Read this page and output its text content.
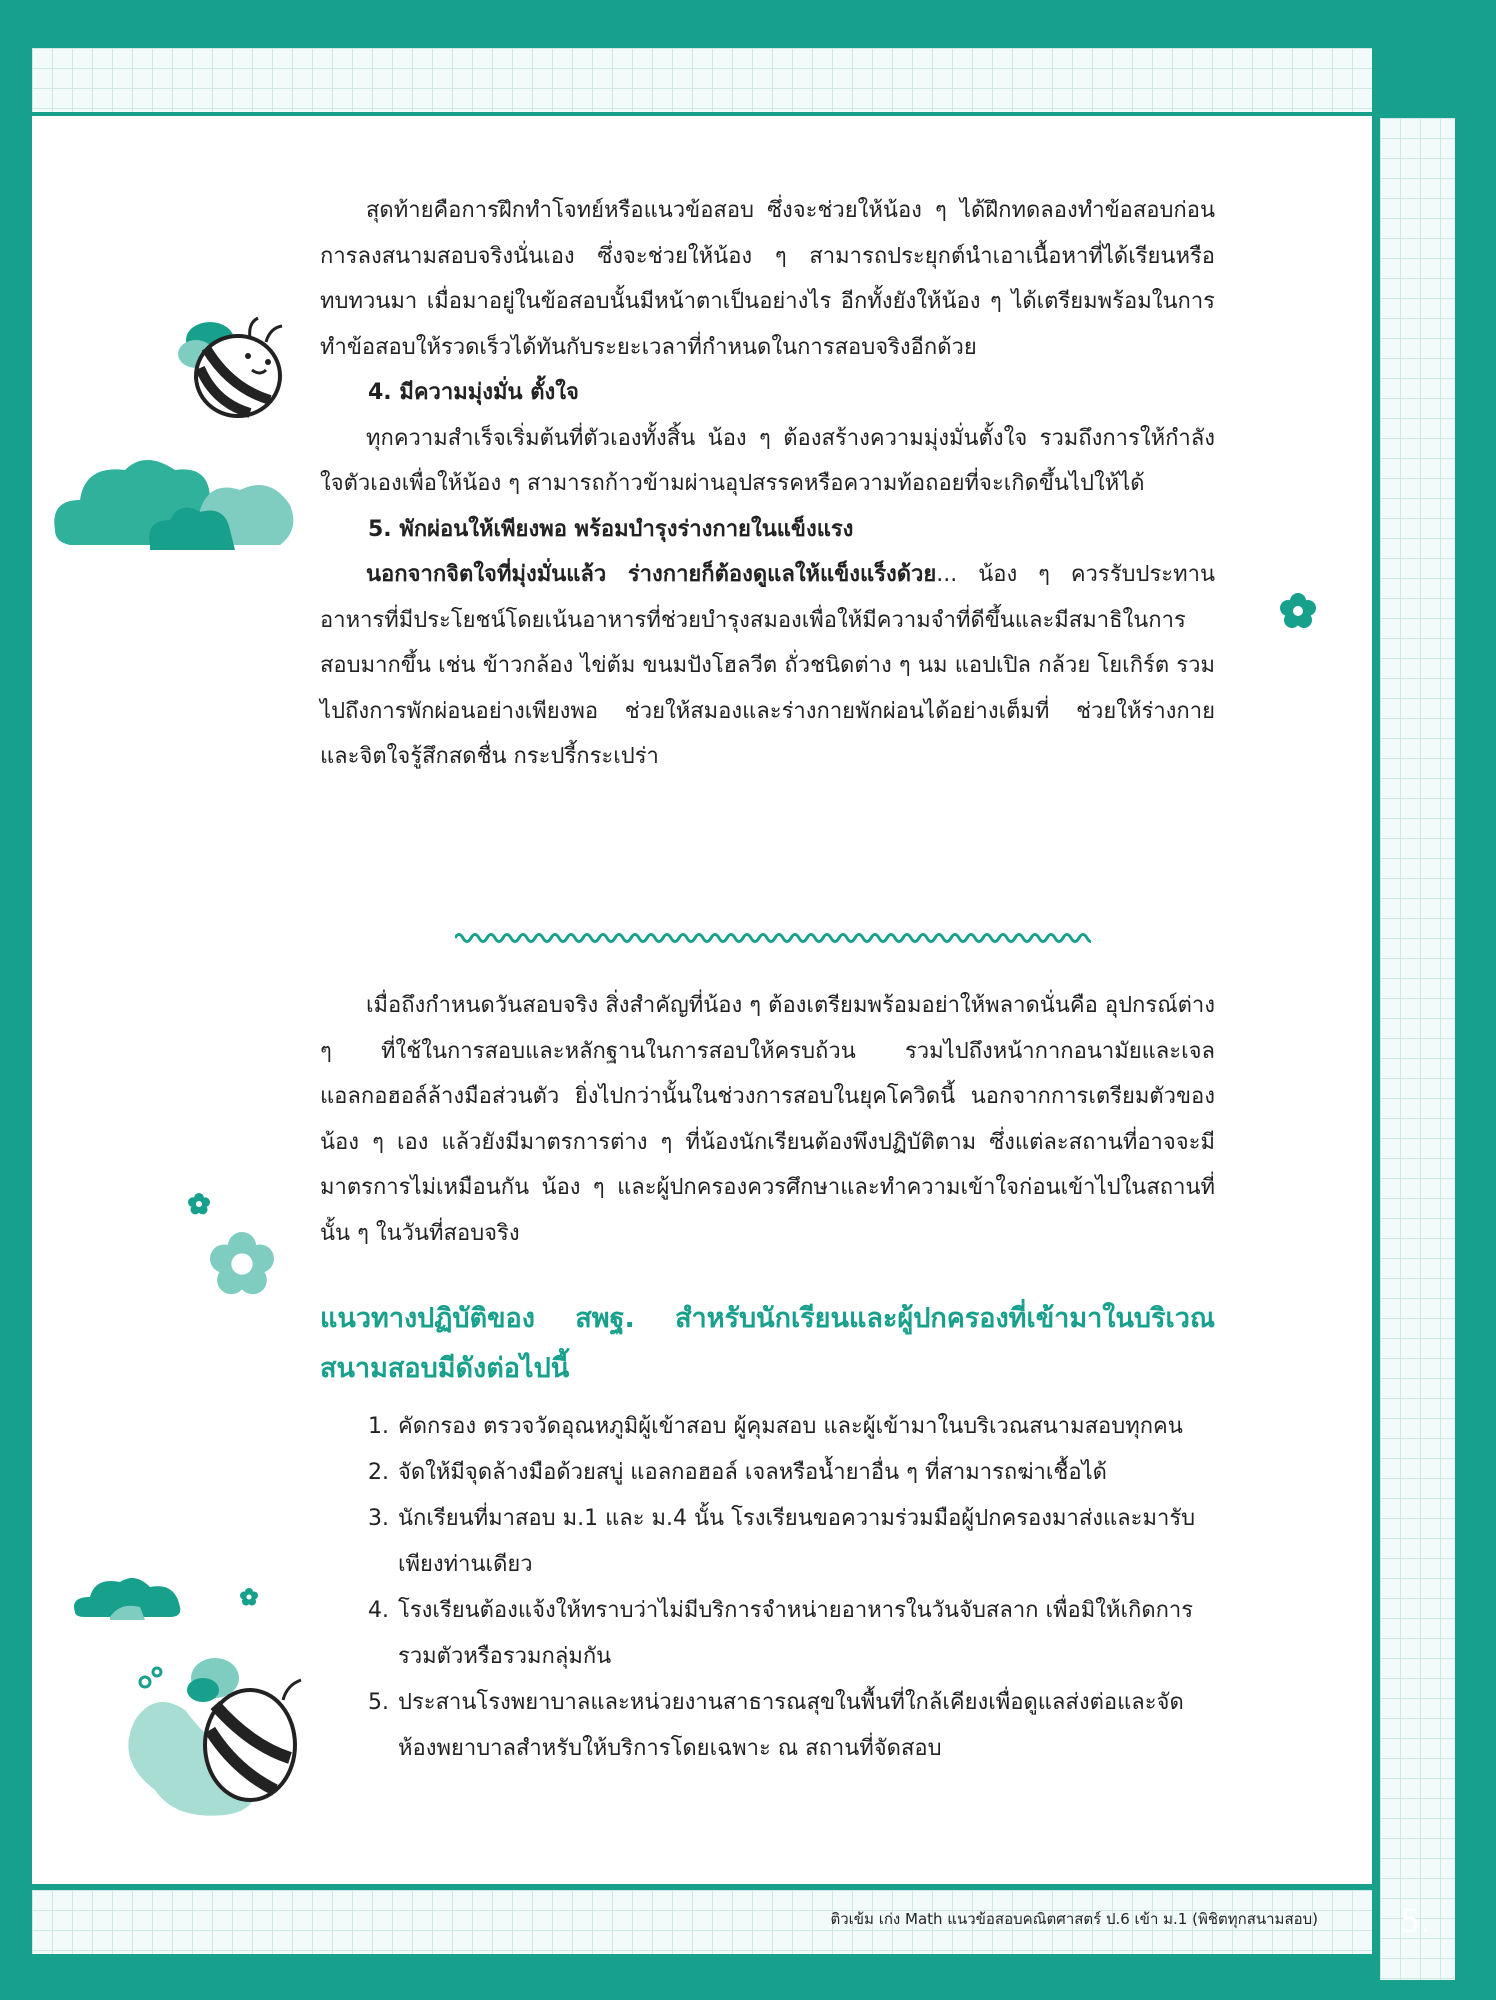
สุดท้ายคือการฝึกทำโจทย์หรือแนวข้อสอบ ซึ่งจะช่วยให้น้อง ๆ ได้ฝึกทดลองทำข้อสอบก่อนการลงสนามสอบจริงนั่นเอง ซึ่งจะช่วยให้น้อง ๆ สามารถประยุกต์นำเอาเนื้อหาที่ได้เรียนหรือทบทวนมา เมื่อมาอยู่ในข้อสอบนั้นมีหน้าตาเป็นอย่างไร อีกทั้งยังให้น้อง ๆ ได้เตรียมพร้อมในการทำข้อสอบให้รวดเร็วได้ทันกับระยะเวลาที่กำหนดในการสอบจริงอีกด้วย

4. มีความมุ่งมั่น ตั้งใจ

ทุกความสำเร็จเริ่มต้นที่ตัวเองทั้งสิ้น น้อง ๆ ต้องสร้างความมุ่งมั่นตั้งใจ รวมถึงการให้กำลังใจตัวเองเพื่อให้น้อง ๆ สามารถก้าวข้ามผ่านอุปสรรคหรือความท้อถอยที่จะเกิดขึ้นไปให้ได้

5. พักผ่อนให้เพียงพอ พร้อมบำรุงร่างกายในแข็งแรง

นอกจากจิตใจที่มุ่งมั่นแล้ว ร่างกายก็ต้องดูแลให้แข็งแร็งด้วย... น้อง ๆ ควรรับประทานอาหารที่มีประโยชน์โดยเน้นอาหารที่ช่วยบำรุงสมองเพื่อให้มีความจำที่ดีขึ้นและมีสมาธิในการสอบมากขึ้น เช่น ข้าวกล้อง ไข่ต้ม ขนมปังโฮลวีต ถั่วชนิดต่าง ๆ นม แอปเปิล กล้วย โยเกิร์ต รวมไปถึงการพักผ่อนอย่างเพียงพอ ช่วยให้สมองและร่างกายพักผ่อนได้อย่างเต็มที่ ช่วยให้ร่างกายและจิตใจรู้สึกสดชื่น กระปรี้กระเปร่า

เมื่อถึงกำหนดวันสอบจริง สิ่งสำคัญที่น้อง ๆ ต้องเตรียมพร้อมอย่าให้พลาดนั่นคือ อุปกรณ์ต่าง ๆ ที่ใช้ในการสอบและหลักฐานในการสอบให้ครบถ้วน รวมไปถึงหน้ากากอนามัยและเจลแอลกอฮอล์ล้างมือส่วนตัว ยิ่งไปกว่านั้นในช่วงการสอบในยุคโควิดนี้ นอกจากการเตรียมตัวของน้อง ๆ เอง แล้วยังมีมาตรการต่าง ๆ ที่น้องนักเรียนต้องพึงปฏิบัติตาม ซึ่งแต่ละสถานที่อาจจะมีมาตรการไม่เหมือนกัน น้อง ๆ และผู้ปกครองควรศึกษาและทำความเข้าใจก่อนเข้าไปในสถานที่นั้น ๆ ในวันที่สอบจริง

แนวทางปฏิบัติของ สพฐ. สำหรับนักเรียนและผู้ปกครองที่เข้ามาในบริเวณสนามสอบมีดังต่อไปนี้
1. คัดกรอง ตรวจวัดอุณหภูมิผู้เข้าสอบ ผู้คุมสอบ และผู้เข้ามาในบริเวณสนามสอบทุกคน
2. จัดให้มีจุดล้างมือด้วยสบู่ แอลกอฮอล์ เจลหรือน้ำยาอื่น ๆ ที่สามารถฆ่าเชื้อได้
3. นักเรียนที่มาสอบ ม.1 และ ม.4 นั้น โรงเรียนขอความร่วมมือผู้ปกครองมาส่งและมารับเพียงท่านเดียว
4. โรงเรียนต้องแจ้งให้ทราบว่าไม่มีบริการจำหน่ายอาหารในวันจับสลาก เพื่อมิให้เกิดการรวมตัวหรือรวมกลุ่มกัน
5. ประสานโรงพยาบาลและหน่วยงานสาธารณสุขในพื้นที่ใกล้เคียงเพื่อดูแลส่งต่อและจัดห้องพยาบาลสำหรับให้บริการโดยเฉพาะ ณ สถานที่จัดสอบ
ติวเข้ม เก่ง Math แนวข้อสอบคณิตศาสตร์ ป.6 เข้า ม.1 (พิชิตทุกสนามสอบ)	5.
